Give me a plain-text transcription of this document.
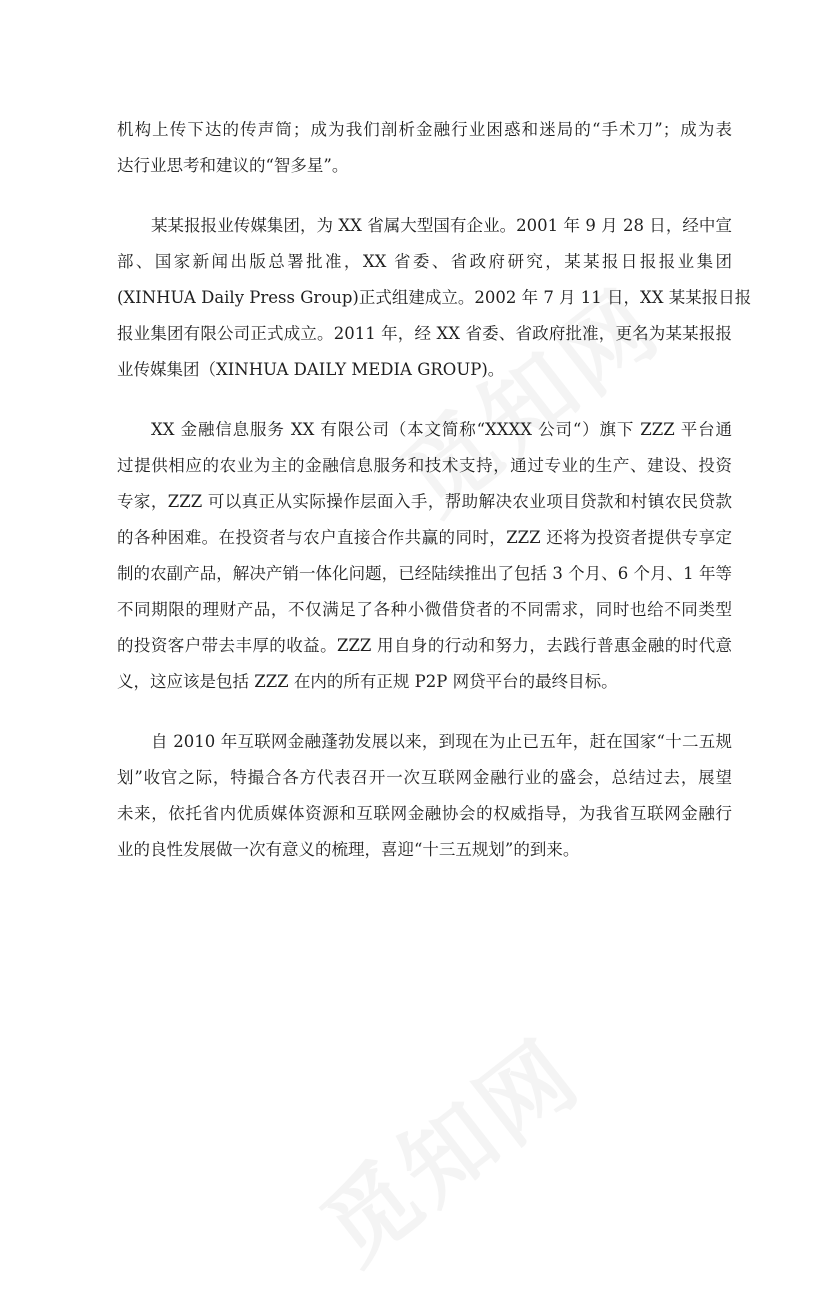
机构上传下达的传声筒；成为我们剖析金融行业困惑和迷局的“手术刀”；成为表
达行业思考和建议的“智多星”。

某某报报业传媒集团，为 XX 省属大型国有企业。2001 年 9 月 28 日，经中宣
部、国家新闻出版总署批准，XX 省委、省政府研究，某某报日报报业集团
(XINHUA Daily Press Group)正式组建成立。2002 年 7 月 11 日，XX 某某报日报
报业集团有限公司正式成立。2011 年，经 XX 省委、省政府批准，更名为某某报报
业传媒集团（XINHUA DAILY MEDIA GROUP)。

XX 金融信息服务 XX 有限公司（本文简称“XXXX 公司“）旗下 ZZZ 平台通
过提供相应的农业为主的金融信息服务和技术支持，通过专业的生产、建设、投资
专家，ZZZ 可以真正从实际操作层面入手，帮助解决农业项目贷款和村镇农民贷款
的各种困难。在投资者与农户直接合作共赢的同时，ZZZ 还将为投资者提供专享定
制的农副产品，解决产销一体化问题，已经陆续推出了包括 3 个月、6 个月、1 年等
不同期限的理财产品，不仅满足了各种小微借贷者的不同需求，同时也给不同类型
的投资客户带去丰厚的收益。ZZZ 用自身的行动和努力，去践行普惠金融的时代意
义，这应该是包括 ZZZ 在内的所有正规 P2P 网贷平台的最终目标。

自 2010 年互联网金融蓬勃发展以来，到现在为止已五年，赶在国家“十二五规
划”收官之际，特撮合各方代表召开一次互联网金融行业的盛会，总结过去，展望
未来，依托省内优质媒体资源和互联网金融协会的权威指导，为我省互联网金融行
业的良性发展做一次有意义的梳理，喜迎“十三五规划”的到来。
